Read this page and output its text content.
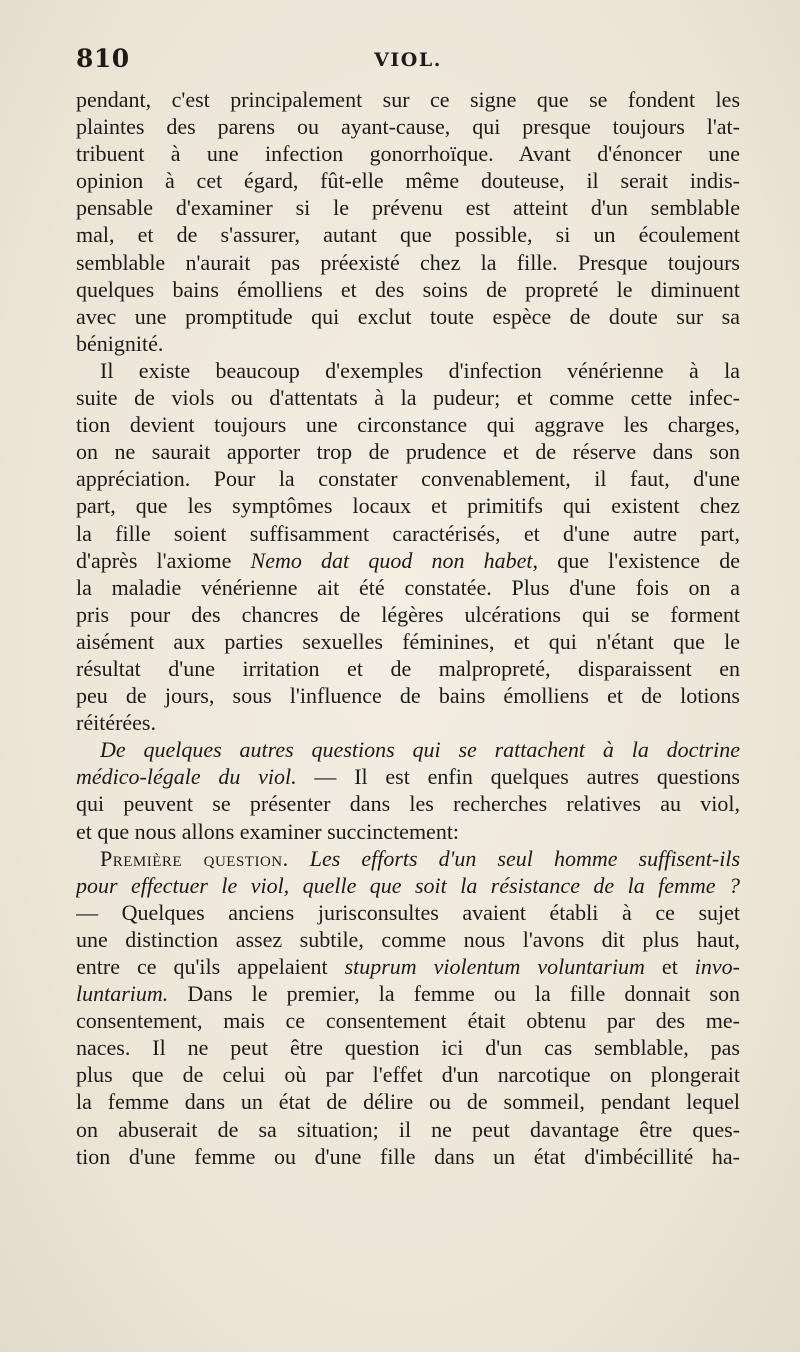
810	VIOL.
pendant, c'est principalement sur ce signe que se fondent les
plaintes des parens ou ayant-cause, qui presque toujours l'at-
tribuent à une infection gonorrhoïque. Avant d'énoncer une
opinion à cet égard, fût-elle même douteuse, il serait indis-
pensable d'examiner si le prévenu est atteint d'un semblable
mal, et de s'assurer, autant que possible, si un écoulement
semblable n'aurait pas préexisté chez la fille. Presque toujours
quelques bains émolliens et des soins de propreté le diminuent
avec une promptitude qui exclut toute espèce de doute sur sa
bénignité.
Il existe beaucoup d'exemples d'infection vénérienne à la
suite de viols ou d'attentats à la pudeur; et comme cette infec-
tion devient toujours une circonstance qui aggrave les charges,
on ne saurait apporter trop de prudence et de réserve dans son
appréciation. Pour la constater convenablement, il faut, d'une
part, que les symptômes locaux et primitifs qui existent chez
la fille soient suffisamment caractérisés, et d'une autre part,
d'après l'axiome Nemo dat quod non habet, que l'existence de
la maladie vénérienne ait été constatée. Plus d'une fois on a
pris pour des chancres de légères ulcérations qui se forment
aisément aux parties sexuelles féminines, et qui n'étant que le
résultat d'une irritation et de malpropreté, disparaissent en
peu de jours, sous l'influence de bains émolliens et de lotions
réitérées.
De quelques autres questions qui se rattachent à la doctrine
médico-légale du viol. — Il est enfin quelques autres questions
qui peuvent se présenter dans les recherches relatives au viol,
et que nous allons examiner succinctement:
Première question. Les efforts d'un seul homme suffisent-ils
pour effectuer le viol, quelle que soit la résistance de la femme ?
— Quelques anciens jurisconsultes avaient établi à ce sujet
une distinction assez subtile, comme nous l'avons dit plus haut,
entre ce qu'ils appelaient stuprum violentum voluntarium et invo-
luntarium. Dans le premier, la femme ou la fille donnait son
consentement, mais ce consentement était obtenu par des me-
naces. Il ne peut être question ici d'un cas semblable, pas
plus que de celui où par l'effet d'un narcotique on plongerait
la femme dans un état de délire ou de sommeil, pendant lequel
on abuserait de sa situation; il ne peut davantage être ques-
tion d'une femme ou d'une fille dans un état d'imbécillité ha-
